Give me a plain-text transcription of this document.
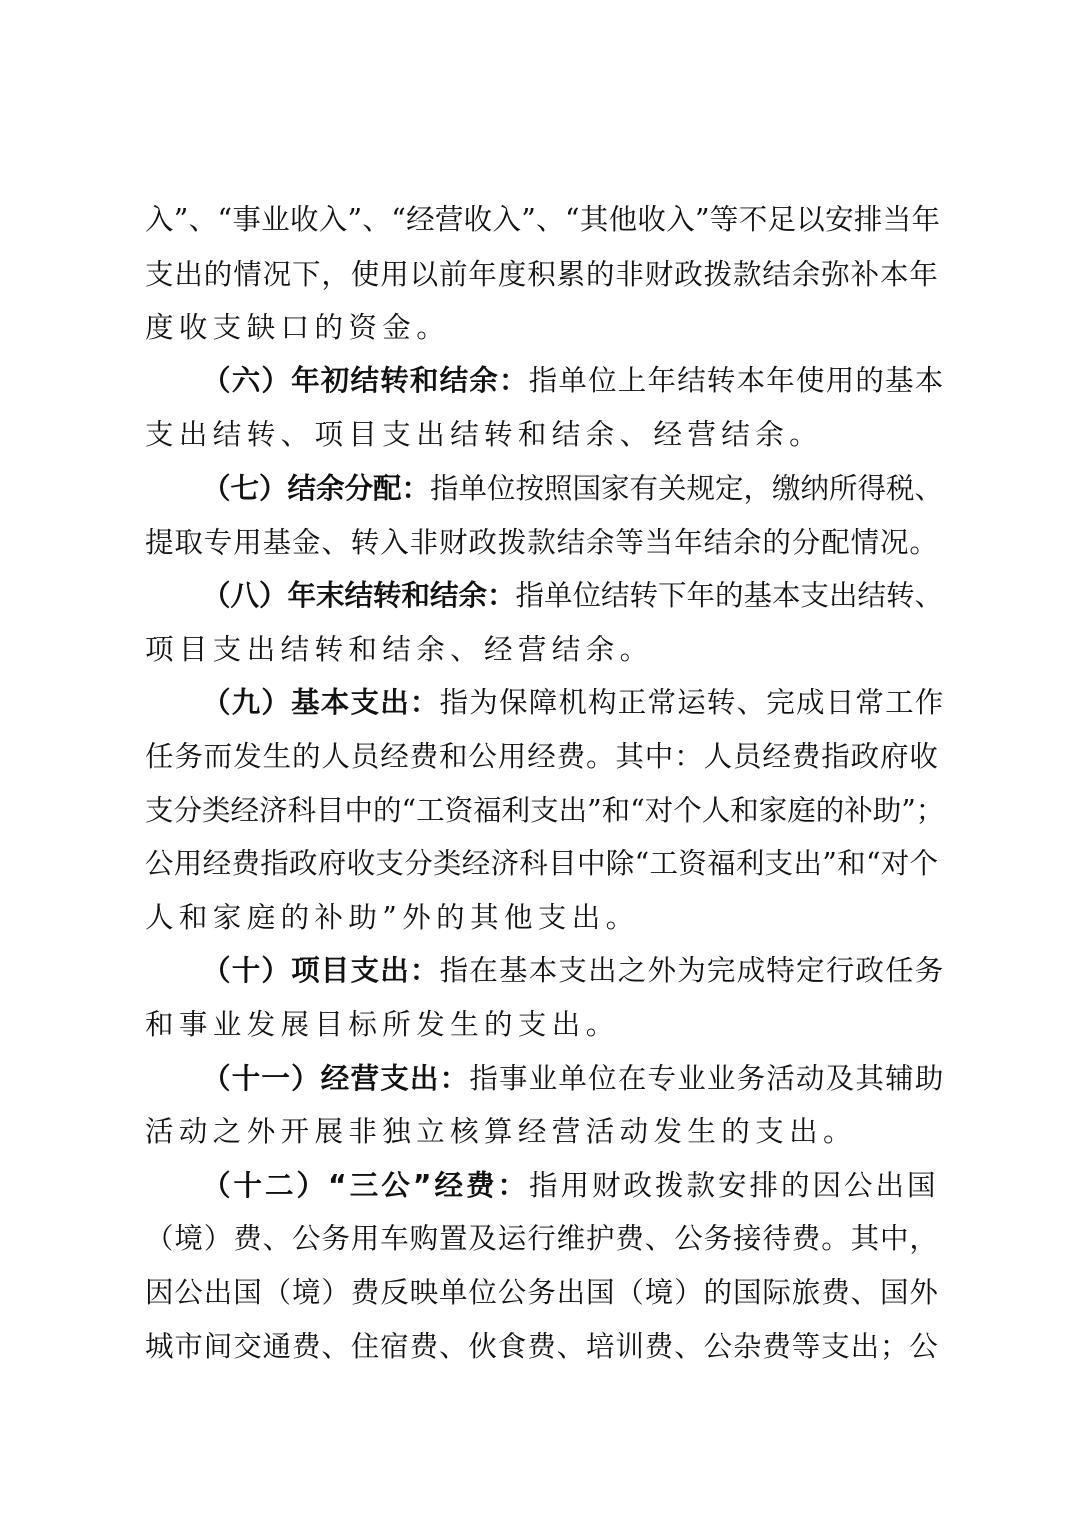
入”、“事业收入”、“经营收入”、“其他收入”等不足以安排当年
支出的情况下，使用以前年度积累的非财政拨款结余弥补本年
度收支缺口的资金。
（六）年初结转和结余：指单位上年结转本年使用的基本
支出结转、项目支出结转和结余、经营结余。
（七）结余分配：指单位按照国家有关规定，缴纳所得税、
提取专用基金、转入非财政拨款结余等当年结余的分配情况。
（八）年末结转和结余：指单位结转下年的基本支出结转、
项目支出结转和结余、经营结余。
（九）基本支出：指为保障机构正常运转、完成日常工作
任务而发生的人员经费和公用经费。其中：人员经费指政府收
支分类经济科目中的“工资福利支出”和“对个人和家庭的补助”；
公用经费指政府收支分类经济科目中除“工资福利支出”和“对个
人和家庭的补助”外的其他支出。
（十）项目支出：指在基本支出之外为完成特定行政任务
和事业发展目标所发生的支出。
（十一）经营支出：指事业单位在专业业务活动及其辅助
活动之外开展非独立核算经营活动发生的支出。
（十二）“三公”经费：指用财政拨款安排的因公出国
（境）费、公务用车购置及运行维护费、公务接待费。其中，
因公出国（境）费反映单位公务出国（境）的国际旅费、国外
城市间交通费、住宿费、伙食费、培训费、公杂费等支出；公
